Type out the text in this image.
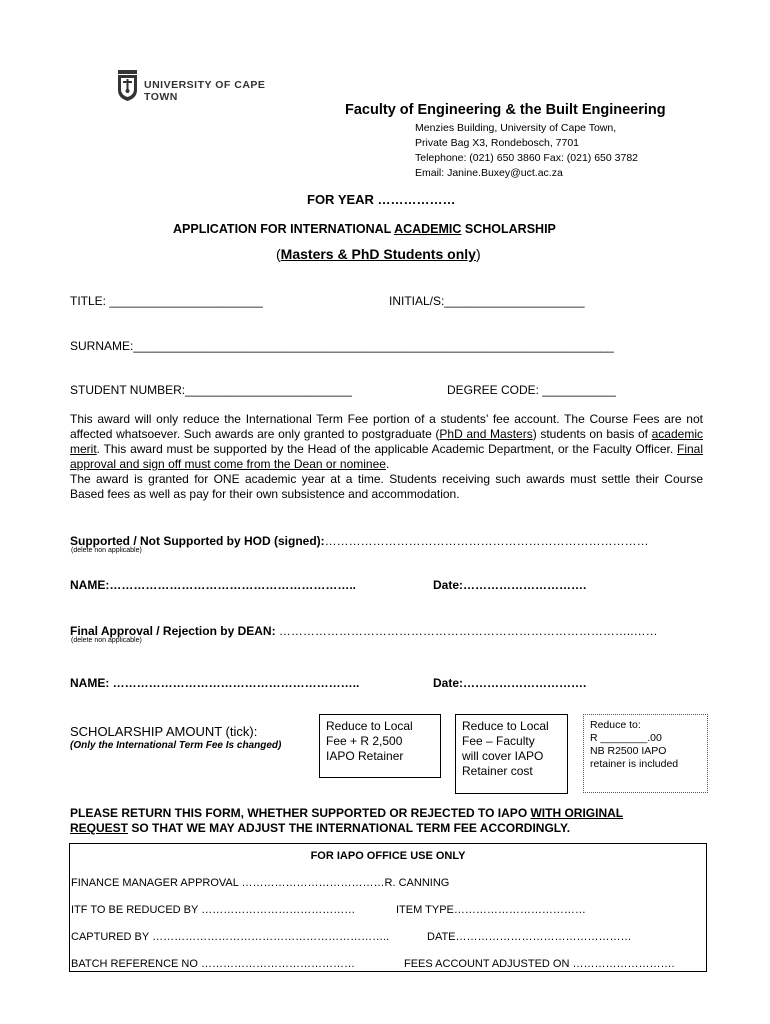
UNIVERSITY OF CAPE TOWN
Faculty of Engineering & the Built Engineering
Menzies Building, University of Cape Town,
Private Bag X3, Rondebosch, 7701
Telephone: (021) 650 3860 Fax: (021) 650 3782
Email: Janine.Buxey@uct.ac.za
FOR YEAR ………………
APPLICATION FOR INTERNATIONAL ACADEMIC SCHOLARSHIP
(Masters & PhD Students only)
TITLE: _______________________	INITIAL/S:_____________________
SURNAME:________________________________________________________________________
STUDENT NUMBER:_________________________	DEGREE CODE: ___________
This award will only reduce the International Term Fee portion of a students’ fee account. The Course Fees are not affected whatsoever. Such awards are only granted to postgraduate (PhD and Masters) students on basis of academic merit. This award must be supported by the Head of the applicable Academic Department, or the Faculty Officer. Final approval and sign off must come from the Dean or nominee.
The award is granted for ONE academic year at a time. Students receiving such awards must settle their Course Based fees as well as pay for their own subsistence and accommodation.
Supported / Not Supported by HOD (signed):………………………………………………………………………
(delete non applicable)
NAME:……………………………………………………..	Date:………………………….
Final Approval / Rejection by DEAN: ……………………………………………………………………………..……
(delete non applicable)
NAME: ……………………………………………………..	Date:………………………….
SCHOLARSHIP AMOUNT (tick):
(Only the International Term Fee Is changed)
Reduce to Local
Fee + R 2,500
IAPO Retainer
Reduce to Local
Fee – Faculty
will cover IAPO
Retainer cost
Reduce to:
R ________.00
NB R2500 IAPO
retainer is included
PLEASE RETURN THIS FORM, WHETHER SUPPORTED OR REJECTED TO IAPO WITH ORIGINAL
REQUEST SO THAT WE MAY ADJUST THE INTERNATIONAL TERM FEE ACCORDINGLY.
FOR IAPO OFFICE USE ONLY
FINANCE MANAGER APPROVAL …………………………………R. CANNING
ITF TO BE REDUCED BY ……………………………………	ITEM TYPE………………………………
CAPTURED BY ………………………………………………………..	DATE…………………………………………
BATCH REFERENCE NO ……………………………………	FEES ACCOUNT ADJUSTED ON ……………………….
